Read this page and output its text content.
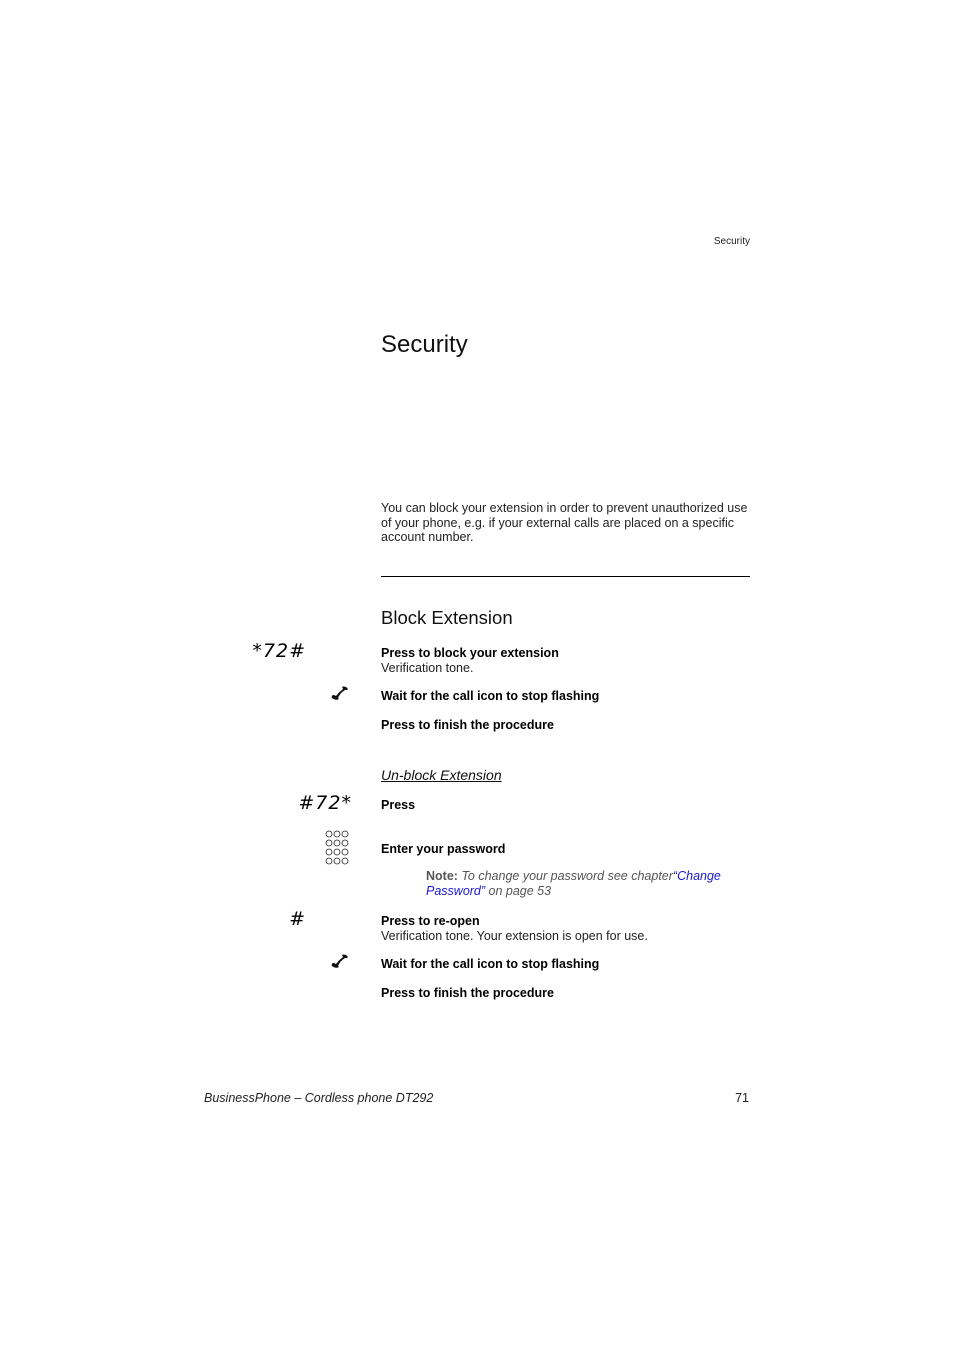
Security
Security

You can block your extension in order to prevent unauthorized use of your phone, e.g. if your external calls are placed on a specific account number.

Block Extension
*72#	Press to block your extension
Verification tone.
Wait for the call icon to stop flashing
Press to finish the procedure
Un-block Extension
#72* Press
Enter your password
Note: To change your password see chapter“Change Password” on page 53
#	Press to re-open
Verification tone. Your extension is open for use.
Wait for the call icon to stop flashing
Press to finish the procedure
BusinessPhone – Cordless phone DT292	71
